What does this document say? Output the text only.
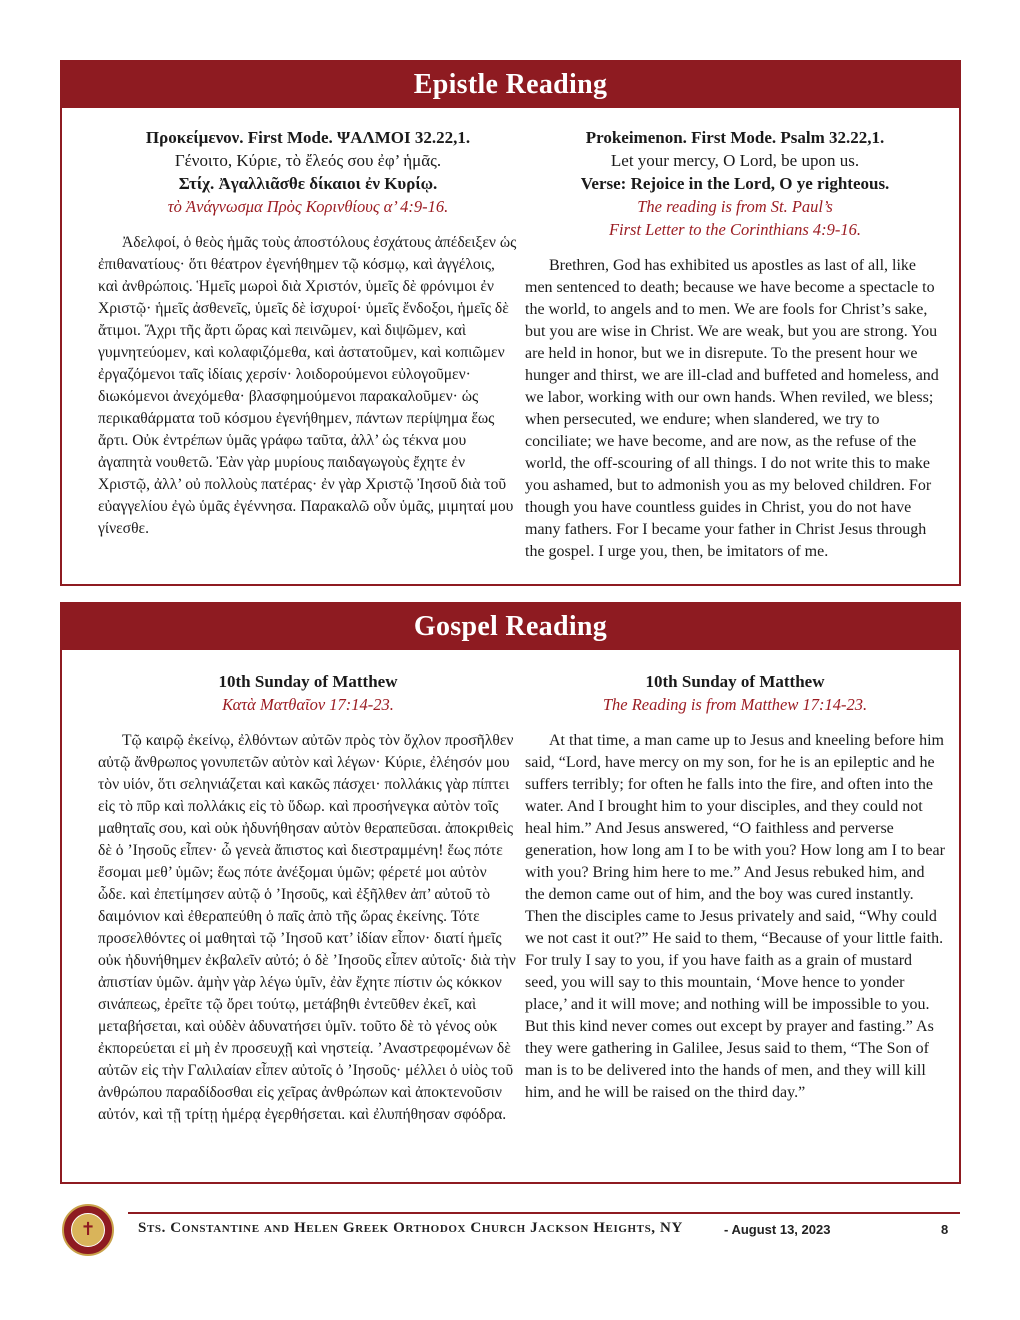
Epistle Reading
Προκείμενον. First Mode. ΨΑΛΜΟΙ 32.22,1.
Γένοιτο, Κύριε, τὸ ἔλεός σου ἐφ’ ἡμᾶς.
Στίχ. Ἀγαλλιᾶσθε δίκαιοι ἐν Κυρίῳ.
τὸ Ἀνάγνωσμα Πρὸς Κορινθίους α’ 4:9-16.
Ἀδελφοί, ὁ θεὸς ἡμᾶς τοὺς ἀποστόλους ἐσχάτους ἀπέδειξεν ὡς ἐπιθανατίους· ὅτι θέατρον ἐγενήθημεν τῷ κόσμῳ, καὶ ἀγγέλοις, καὶ ἀνθρώποις. Ἡμεῖς μωροὶ διὰ Χριστόν, ὑμεῖς δὲ φρόνιμοι ἐν Χριστῷ· ἡμεῖς ἀσθενεῖς, ὑμεῖς δὲ ἰσχυροί· ὑμεῖς ἔνδοξοι, ἡμεῖς δὲ ἄτιμοι. Ἄχρι τῆς ἄρτι ὥρας καὶ πεινῶμεν, καὶ διψῶμεν, καὶ γυμνητεύομεν, καὶ κολαφιζόμεθα, καὶ ἀστατοῦμεν, καὶ κοπιῶμεν ἐργαζόμενοι ταῖς ἰδίαις χερσίν· λοιδορούμενοι εὐλογοῦμεν· διωκόμενοι ἀνεχόμεθα· βλασφημούμενοι παρακαλοῦμεν· ὡς περικαθάρματα τοῦ κόσμου ἐγενήθημεν, πάντων περίψημα ἕως ἄρτι. Οὐκ ἐντρέπων ὑμᾶς γράφω ταῦτα, ἀλλ’ ὡς τέκνα μου ἀγαπητὰ νουθετῶ. Ἐὰν γὰρ μυρίους παιδαγωγοὺς ἔχητε ἐν Χριστῷ, ἀλλ’ οὐ πολλοὺς πατέρας· ἐν γὰρ Χριστῷ Ἰησοῦ διὰ τοῦ εὐαγγελίου ἐγὼ ὑμᾶς ἐγέννησα. Παρακαλῶ οὖν ὑμᾶς, μιμηταί μου γίνεσθε.
Prokeimenon. First Mode. Psalm 32.22,1.
Let your mercy, O Lord, be upon us.
Verse: Rejoice in the Lord, O ye righteous.
The reading is from St. Paul’s
First Letter to the Corinthians 4:9-16.
Brethren, God has exhibited us apostles as last of all, like men sentenced to death; because we have become a spectacle to the world, to angels and to men. We are fools for Christ’s sake, but you are wise in Christ. We are weak, but you are strong. You are held in honor, but we in disrepute. To the present hour we hunger and thirst, we are ill-clad and buffeted and homeless, and we labor, working with our own hands. When reviled, we bless; when persecuted, we endure; when slandered, we try to conciliate; we have become, and are now, as the refuse of the world, the off-scouring of all things. I do not write this to make you ashamed, but to admonish you as my beloved children. For though you have countless guides in Christ, you do not have many fathers. For I became your father in Christ Jesus through the gospel. I urge you, then, be imitators of me.
Gospel Reading
10th Sunday of Matthew
Κατὰ Ματθαῖον 17:14-23.
Τῷ καιρῷ ἐκείνῳ, ἐλθόντων αὐτῶν πρὸς τὸν ὄχλον προσῆλθεν αὐτῷ ἄνθρωπος γονυπετῶν αὐτὸν καὶ λέγων· Κύριε, ἐλέησόν μου τὸν υἱόν, ὅτι σεληνιάζεται καὶ κακῶς πάσχει· πολλάκις γὰρ πίπτει εἰς τὸ πῦρ καὶ πολλάκις εἰς τὸ ὕδωρ. καὶ προσήνεγκα αὐτὸν τοῖς μαθηταῖς σου, καὶ οὐκ ἠδυνήθησαν αὐτὸν θεραπεῦσαι. ἀποκριθεὶς δὲ ὁ ’Ιησοῦς εἶπεν· ὦ γενεὰ ἄπιστος καὶ διεστραμμένη! ἕως πότε ἔσομαι μεθ’ ὑμῶν; ἕως πότε ἀνέξομαι ὑμῶν; φέρετέ μοι αὐτὸν ὧδε. καὶ ἐπετίμησεν αὐτῷ ὁ ’Ιησοῦς, καὶ ἐξῆλθεν ἀπ’ αὐτοῦ τὸ δαιμόνιον καὶ ἐθεραπεύθη ὁ παῖς ἀπὸ τῆς ὥρας ἐκείνης. Τότε προσελθόντες οἱ μαθηταὶ τῷ ’Ιησοῦ κατ’ ἰδίαν εἶπον· διατί ἡμεῖς οὐκ ἠδυνήθημεν ἐκβαλεῖν αὐτό; ὁ δὲ ’Ιησοῦς εἶπεν αὐτοῖς· διὰ τὴν ἀπιστίαν ὑμῶν. ἀμὴν γὰρ λέγω ὑμῖν, ἐὰν ἔχητε πίστιν ὡς κόκκον σινάπεως, ἐρεῖτε τῷ ὄρει τούτῳ, μετάβηθι ἐντεῦθεν ἐκεῖ, καὶ μεταβήσεται, καὶ οὐδὲν ἀδυνατήσει ὑμῖν. τοῦτο δὲ τὸ γένος οὐκ ἐκπορεύεται εἰ μὴ ἐν προσευχῇ καὶ νηστείᾳ. ’Αναστρεφομένων δὲ αὐτῶν εἰς τὴν Γαλιλαίαν εἶπεν αὐτοῖς ὁ ’Ιησοῦς· μέλλει ὁ υἱὸς τοῦ ἀνθρώπου παραδίδοσθαι εἰς χεῖρας ἀνθρώπων καὶ ἀποκτενοῦσιν αὐτόν, καὶ τῇ τρίτῃ ἡμέρᾳ ἐγερθήσεται. καὶ ἐλυπήθησαν σφόδρα.
10th Sunday of Matthew
The Reading is from Matthew 17:14-23.
At that time, a man came up to Jesus and kneeling before him said, “Lord, have mercy on my son, for he is an epileptic and he suffers terribly; for often he falls into the fire, and often into the water. And I brought him to your disciples, and they could not heal him.” And Jesus answered, “O faithless and perverse generation, how long am I to be with you? How long am I to bear with you? Bring him here to me.” And Jesus rebuked him, and the demon came out of him, and the boy was cured instantly. Then the disciples came to Jesus privately and said, “Why could we not cast it out?” He said to them, “Because of your little faith. For truly I say to you, if you have faith as a grain of mustard seed, you will say to this mountain, ‘Move hence to yonder place,’ and it will move; and nothing will be impossible to you. But this kind never comes out except by prayer and fasting.” As they were gathering in Galilee, Jesus said to them, “The Son of man is to be delivered into the hands of men, and they will kill him, and he will be raised on the third day.”
✝	Sts. Constantine and Helen Greek Orthodox Church Jackson Heights, NY	- August 13, 2023	8
